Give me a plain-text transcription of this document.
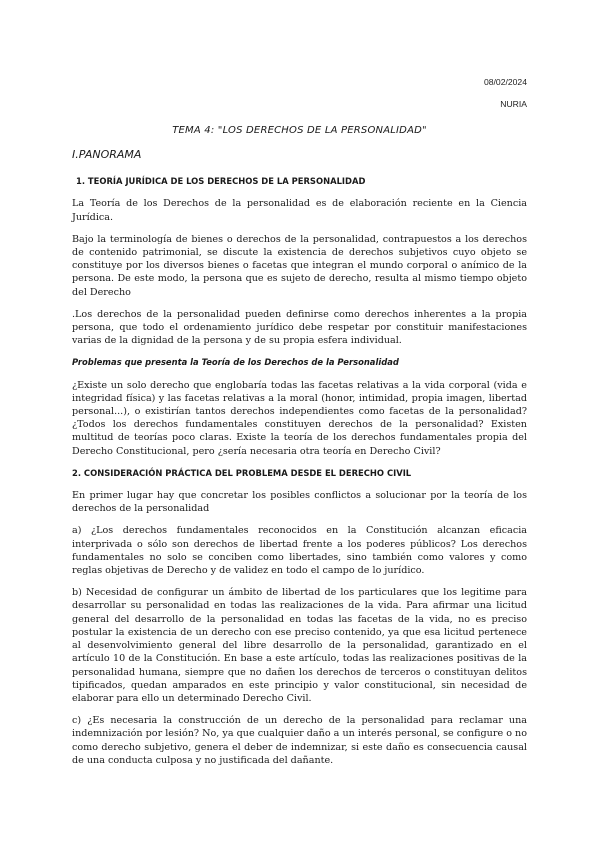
08/02/2024
NURIA
TEMA 4: "LOS DERECHOS DE LA PERSONALIDAD"
I.PANORAMA
1. TEORÍA JURÍDICA DE LOS DERECHOS DE LA PERSONALIDAD

La Teoría de los Derechos de la personalidad es de elaboración reciente en la Ciencia Jurídica.

Bajo la terminología de bienes o derechos de la personalidad, contrapuestos a los derechos de contenido patrimonial, se discute la existencia de derechos subjetivos cuyo objeto se constituye por los diversos bienes o facetas que integran el mundo corporal o anímico de la persona. De este modo, la persona que es sujeto de derecho, resulta al mismo tiempo objeto del Derecho

.Los derechos de la personalidad pueden definirse como derechos inherentes a la propia persona, que todo el ordenamiento jurídico debe respetar por constituir manifestaciones varias de la dignidad de la persona y de su propia esfera individual.

Problemas que presenta la Teoría de los Derechos de la Personalidad

¿Existe un solo derecho que englobaría todas las facetas relativas a la vida corporal (vida e integridad física) y las facetas relativas a la moral (honor, intimidad, propia imagen, libertad personal...), o existirían tantos derechos independientes como facetas de la personalidad? ¿Todos los derechos fundamentales constituyen derechos de la personalidad? Existen multitud de teorías poco claras. Existe la teoría de los derechos fundamentales propia del Derecho Constitucional, pero ¿sería necesaria otra teoría en Derecho Civil?

2. CONSIDERACIÓN PRÁCTICA DEL PROBLEMA DESDE EL DERECHO CIVIL

En primer lugar hay que concretar los posibles conflictos a solucionar por la teoría de los derechos de la personalidad

a) ¿Los derechos fundamentales reconocidos en la Constitución alcanzan eficacia interprivada o sólo son derechos de libertad frente a los poderes públicos? Los derechos fundamentales no solo se conciben como libertades, sino también como valores y como reglas objetivas de Derecho y de validez en todo el campo de lo jurídico.

b) Necesidad de configurar un ámbito de libertad de los particulares que los legitime para desarrollar su personalidad en todas las realizaciones de la vida. Para afirmar una licitud general del desarrollo de la personalidad en todas las facetas de la vida, no es preciso postular la existencia de un derecho con ese preciso contenido, ya que esa licitud pertenece al desenvolvimiento general del libre desarrollo de la personalidad, garantizado en el artículo 10 de la Constitución. En base a este artículo, todas las realizaciones positivas de la personalidad humana, siempre que no dañen los derechos de terceros o constituyan delitos tipificados, quedan amparados en este principio y valor constitucional, sin necesidad de elaborar para ello un determinado Derecho Civil.

c) ¿Es necesaria la construcción de un derecho de la personalidad para reclamar una indemnización por lesión? No, ya que cualquier daño a un interés personal, se configure o no como derecho subjetivo, genera el deber de indemnizar, si este daño es consecuencia causal de una conducta culposa y no justificada del dañante.
